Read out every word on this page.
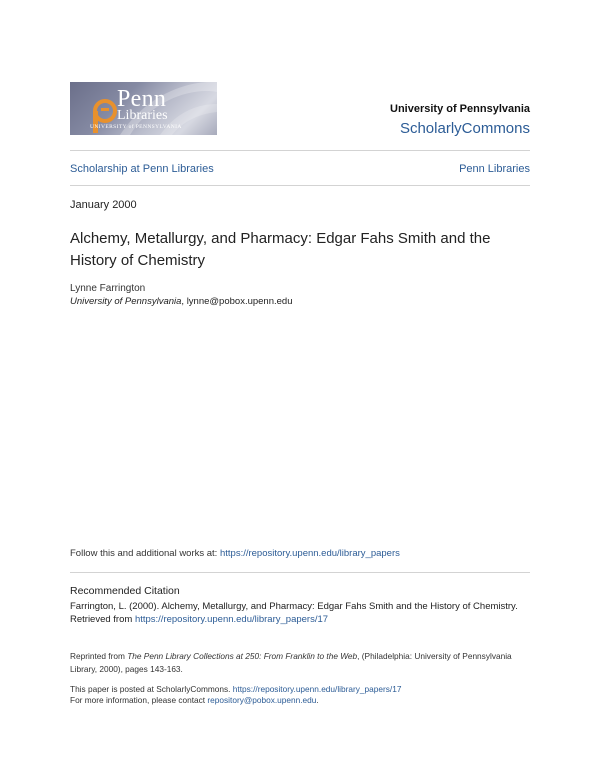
Penn
Libraries
UNIVERSITY of PENNSYLVANIA
University of Pennsylvania
ScholarlyCommons
Scholarship at Penn Libraries	Penn Libraries
January 2000
Alchemy, Metallurgy, and Pharmacy: Edgar Fahs Smith and the History of Chemistry
Lynne Farrington
University of Pennsylvania, lynne@pobox.upenn.edu
Follow this and additional works at: https://repository.upenn.edu/library_papers
Recommended Citation
Farrington, L. (2000). Alchemy, Metallurgy, and Pharmacy: Edgar Fahs Smith and the History of Chemistry. Retrieved from https://repository.upenn.edu/library_papers/17
Reprinted from The Penn Library Collections at 250: From Franklin to the Web, (Philadelphia: University of Pennsylvania Library, 2000), pages 143-163.
This paper is posted at ScholarlyCommons. https://repository.upenn.edu/library_papers/17
For more information, please contact repository@pobox.upenn.edu.
